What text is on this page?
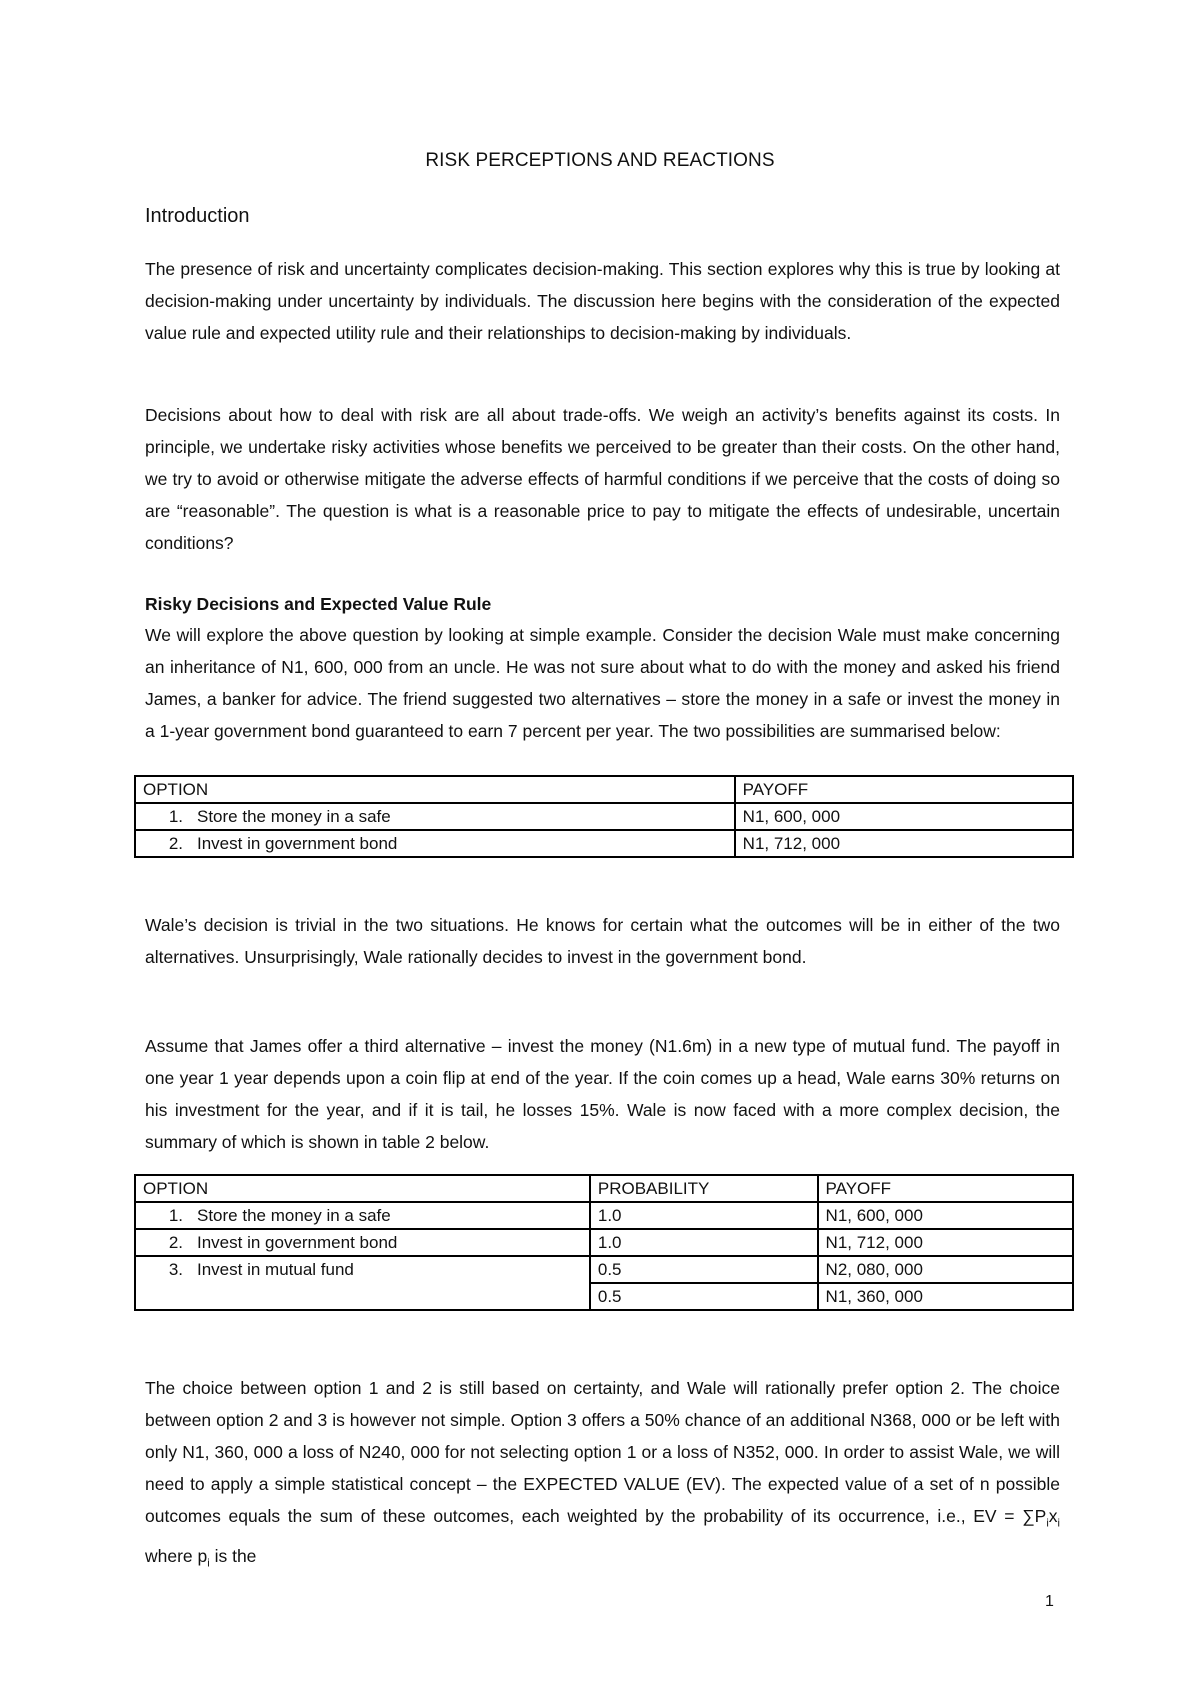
RISK PERCEPTIONS AND REACTIONS
Introduction
The presence of risk and uncertainty complicates decision-making. This section explores why this is true by looking at decision-making under uncertainty by individuals. The discussion here begins with the consideration of the expected value rule and expected utility rule and their relationships to decision-making by individuals.
Decisions about how to deal with risk are all about trade-offs. We weigh an activity’s benefits against its costs. In principle, we undertake risky activities whose benefits we perceived to be greater than their costs. On the other hand, we try to avoid or otherwise mitigate the adverse effects of harmful conditions if we perceive that the costs of doing so are “reasonable”. The question is what is a reasonable price to pay to mitigate the effects of undesirable, uncertain conditions?
Risky Decisions and Expected Value Rule
We will explore the above question by looking at simple example. Consider the decision Wale must make concerning an inheritance of N1, 600, 000 from an uncle. He was not sure about what to do with the money and asked his friend James, a banker for advice. The friend suggested two alternatives – store the money in a safe or invest the money in a 1-year government bond guaranteed to earn 7 percent per year. The two possibilities are summarised below:
OPTION	PAYOFF
1. Store the money in a safe	N1, 600, 000
2. Invest in government bond	N1, 712, 000
Wale’s decision is trivial in the two situations. He knows for certain what the outcomes will be in either of the two alternatives. Unsurprisingly, Wale rationally decides to invest in the government bond.
Assume that James offer a third alternative – invest the money (N1.6m) in a new type of mutual fund. The payoff in one year 1 year depends upon a coin flip at end of the year. If the coin comes up a head, Wale earns 30% returns on his investment for the year, and if it is tail, he losses 15%. Wale is now faced with a more complex decision, the summary of which is shown in table 2 below.
OPTION	PROBABILITY	PAYOFF
1. Store the money in a safe	1.0	N1, 600, 000
2. Invest in government bond	1.0	N1, 712, 000
3. Invest in mutual fund	0.5	N2, 080, 000
	0.5	N1, 360, 000
The choice between option 1 and 2 is still based on certainty, and Wale will rationally prefer option 2. The choice between option 2 and 3 is however not simple. Option 3 offers a 50% chance of an additional N368, 000 or be left with only N1, 360, 000 a loss of N240, 000 for not selecting option 1 or a loss of N352, 000. In order to assist Wale, we will need to apply a simple statistical concept – the EXPECTED VALUE (EV). The expected value of a set of n possible outcomes equals the sum of these outcomes, each weighted by the probability of its occurrence, i.e., EV = $\sum P_ix_i$ where $p_i$ is the
1
